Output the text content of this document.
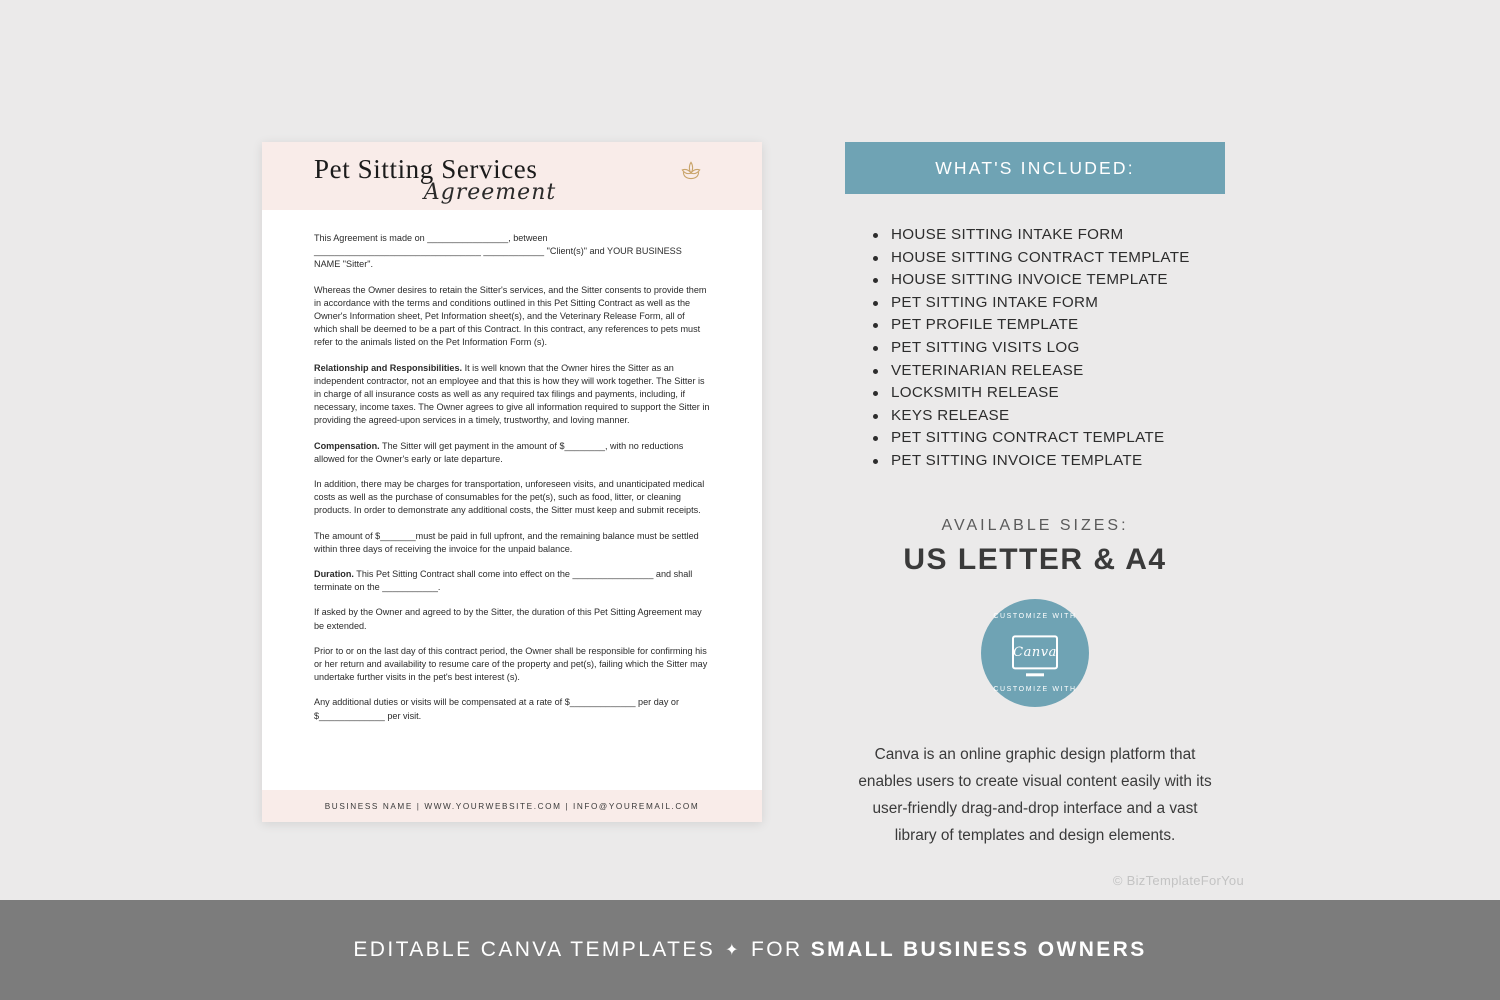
Pet Sitting Services
Agreement

This Agreement is made on ________________, between _________________________________ ____________ "Client(s)" and YOUR BUSINESS NAME "Sitter".

Whereas the Owner desires to retain the Sitter's services, and the Sitter consents to provide them in accordance with the terms and conditions outlined in this Pet Sitting Contract as well as the Owner's Information sheet, Pet Information sheet(s), and the Veterinary Release Form, all of which shall be deemed to be a part of this Contract. In this contract, any references to pets must refer to the animals listed on the Pet Information Form (s).

Relationship and Responsibilities. It is well known that the Owner hires the Sitter as an independent contractor, not an employee and that this is how they will work together. The Sitter is in charge of all insurance costs as well as any required tax filings and payments, including, if necessary, income taxes. The Owner agrees to give all information required to support the Sitter in providing the agreed-upon services in a timely, trustworthy, and loving manner.

Compensation. The Sitter will get payment in the amount of $________, with no reductions allowed for the Owner's early or late departure.

In addition, there may be charges for transportation, unforeseen visits, and unanticipated medical costs as well as the purchase of consumables for the pet(s), such as food, litter, or cleaning products. In order to demonstrate any additional costs, the Sitter must keep and submit receipts.

The amount of $_______must be paid in full upfront, and the remaining balance must be settled within three days of receiving the invoice for the unpaid balance.

Duration. This Pet Sitting Contract shall come into effect on the ________________ and shall terminate on the ___________.

If asked by the Owner and agreed to by the Sitter, the duration of this Pet Sitting Agreement may be extended.

Prior to or on the last day of this contract period, the Owner shall be responsible for confirming his or her return and availability to resume care of the property and pet(s), failing which the Sitter may undertake further visits in the pet's best interest (s).

Any additional duties or visits will be compensated at a rate of $_____________ per day or $_____________ per visit.

BUSINESS NAME | WWW.YOURWEBSITE.COM | INFO@YOUREMAIL.COM
WHAT'S INCLUDED:
HOUSE SITTING INTAKE FORM
HOUSE SITTING CONTRACT TEMPLATE
HOUSE SITTING INVOICE TEMPLATE
PET SITTING INTAKE FORM
PET PROFILE TEMPLATE
PET SITTING VISITS LOG
VETERINARIAN RELEASE
LOCKSMITH RELEASE
KEYS RELEASE
PET SITTING CONTRACT TEMPLATE
PET SITTING INVOICE TEMPLATE
AVAILABLE SIZES:
US LETTER & A4
CUSTOMIZE WITH
Canva
CUSTOMIZE WITH
Canva is an online graphic design platform that enables users to create visual content easily with its user-friendly drag-and-drop interface and a vast library of templates and design elements.
© BizTemplateForYou
EDITABLE CANVA TEMPLATES ✦ FOR
SMALL BUSINESS OWNERS
